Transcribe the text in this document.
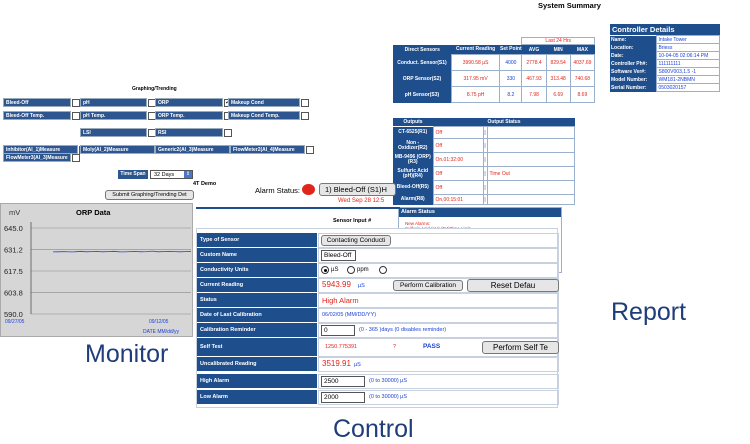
System Summary
			Last 24 Hrs		
Direct Sensors	Current Reading	Set Point	AVG	MIN	MAX
Conduct. Sensor(S1)	3990.58 µS	4000	2778.4	829.54	4037.69
ORP Sensor(S2)	317.95 mV	330	467.93	313.48	740.68
pH Sensor(S3)	8.75 pH	8.2	7.98	6.69	8.69
Controller Details
Name:	Intake Tower
Location:	Briess
Date:	10-04-05 02:06:14 PM
Controller Ph#:	111111111
Software Ver#:	S800V003,1.5 -1
Model Number:	WM181-2NBMN
Serial Number:	0503020157
Outputs	Output Status
CT-6525(R1)	Off	|	
Non - Oxidizer(R2)	Off	|	
MB-9496 (ORP)(R3)	On,01:32:00	|	
Sulfuric Acid (pH)(R4)	Off	|	Time Out
Bleed-Off(R5)	Off	|	
Alarm(R8)	On,00:15:01	|	
Alarm Status
New Alarms:
Graphing/Trending
Bleed-Off	pH	ORP ✓	Makeup Cond
Bleed-Off Temp.	pH Temp.	ORP Temp.	Makeup Cond Temp.
LSI	RSI
Inhibitor(AI_1)Measure	Moly(AI_2)Measure	Generic2(AI_3)Measure	FlowMeter2(AI_4)Measure
FlowMeter3(AI_3)Measure
Time Span	32 Days	⇕
Submit Graphing/Trending Det
4T Demo
ORP Data
mV
645.0
631.2
617.5
603.8
590.0
09/27/05	09/12/05
DATE MM/dd/yy
Alarm Status:	1) Bleed-Off (S1)H
Wed Sep 28 12:5
Sensor Input #
Type of Sensor	Contacting Conducti
Custom Name	Bleed-Off
Conductivity Units	µS	ppm
Current Reading	5943.99 µS	Perform Calibration	Reset Defau
Status	High Alarm
Date of Last Calibration	06/02/05 (MM/DD/YY)
Calibration Reminder	0	(0 - 365 )days (0 disables reminder)
Self Test	1250.775391	?	PASS	Perform Self Te
Uncalibrated Reading	3519.91 µS
High Alarm	2500	(0 to 30000) µS
Low Alarm	2000	(0 to 30000) µS
Monitor
Control
Report
